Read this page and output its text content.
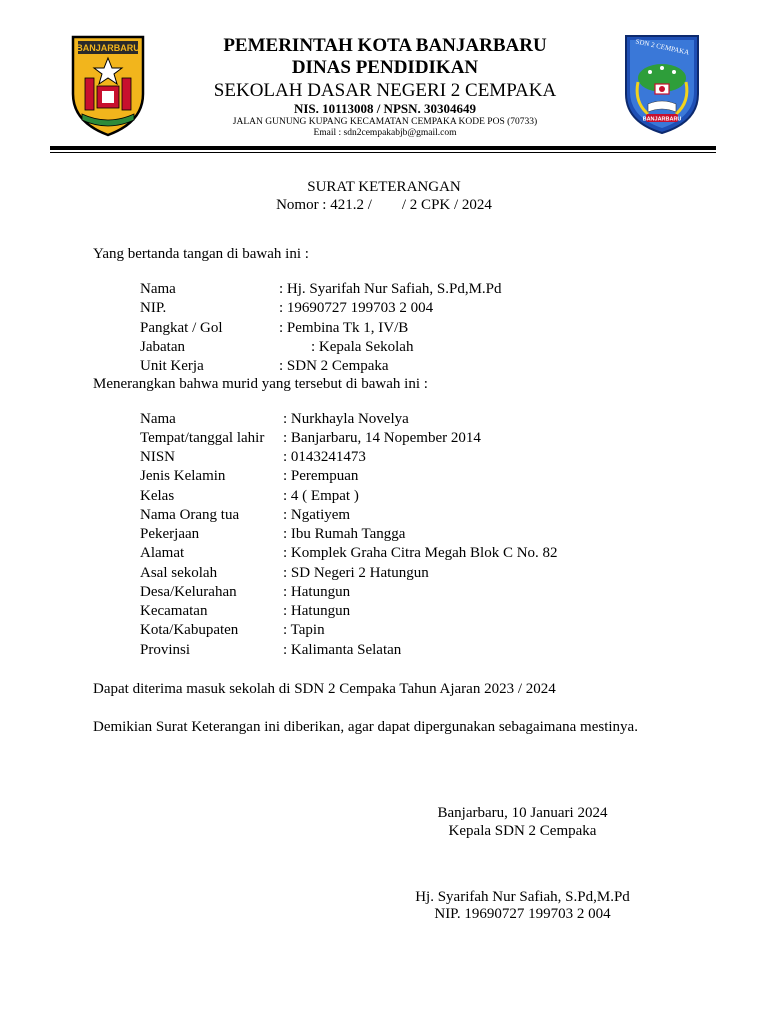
BANJARBARU	SDN 2 CEMPAKA
BANJARBARU
PEMERINTAH KOTA BANJARBARU
DINAS PENDIDIKAN
SEKOLAH DASAR NEGERI 2 CEMPAKA
NIS. 10113008 / NPSN. 30304649
JALAN GUNUNG KUPANG KECAMATAN CEMPAKA KODE POS (70733)
Email : sdn2cempakabjb@gmail.com
SURAT KETERANGAN
Nomor : 421.2 /        / 2 CPK / 2024
Yang bertanda tangan di bawah ini :
Nama	: Hj. Syarifah Nur Safiah, S.Pd,M.Pd
NIP.	: 19690727 199703 2 004
Pangkat / Gol	: Pembina Tk 1, IV/B
Jabatan	: Kepala Sekolah
Unit Kerja	: SDN 2 Cempaka
Menerangkan bahwa murid yang tersebut di bawah ini :
Nama	: Nurkhayla Novelya
Tempat/tanggal lahir : Banjarbaru, 14 Nopember 2014
NISN	: 0143241473
Jenis Kelamin	: Perempuan
Kelas	: 4 ( Empat )
Nama Orang tua	: Ngatiyem
Pekerjaan	: Ibu Rumah Tangga
Alamat	: Komplek Graha Citra Megah Blok C No. 82
Asal sekolah	: SD Negeri 2 Hatungun
Desa/Kelurahan	: Hatungun
Kecamatan	: Hatungun
Kota/Kabupaten	: Tapin
Provinsi	: Kalimanta Selatan
Dapat diterima masuk sekolah di SDN 2 Cempaka Tahun Ajaran 2023 / 2024
Demikian Surat Keterangan ini diberikan, agar dapat dipergunakan sebagaimana mestinya.
Banjarbaru, 10 Januari 2024
Kepala SDN 2 Cempaka
Hj. Syarifah Nur Safiah, S.Pd,M.Pd
NIP. 19690727 199703 2 004
